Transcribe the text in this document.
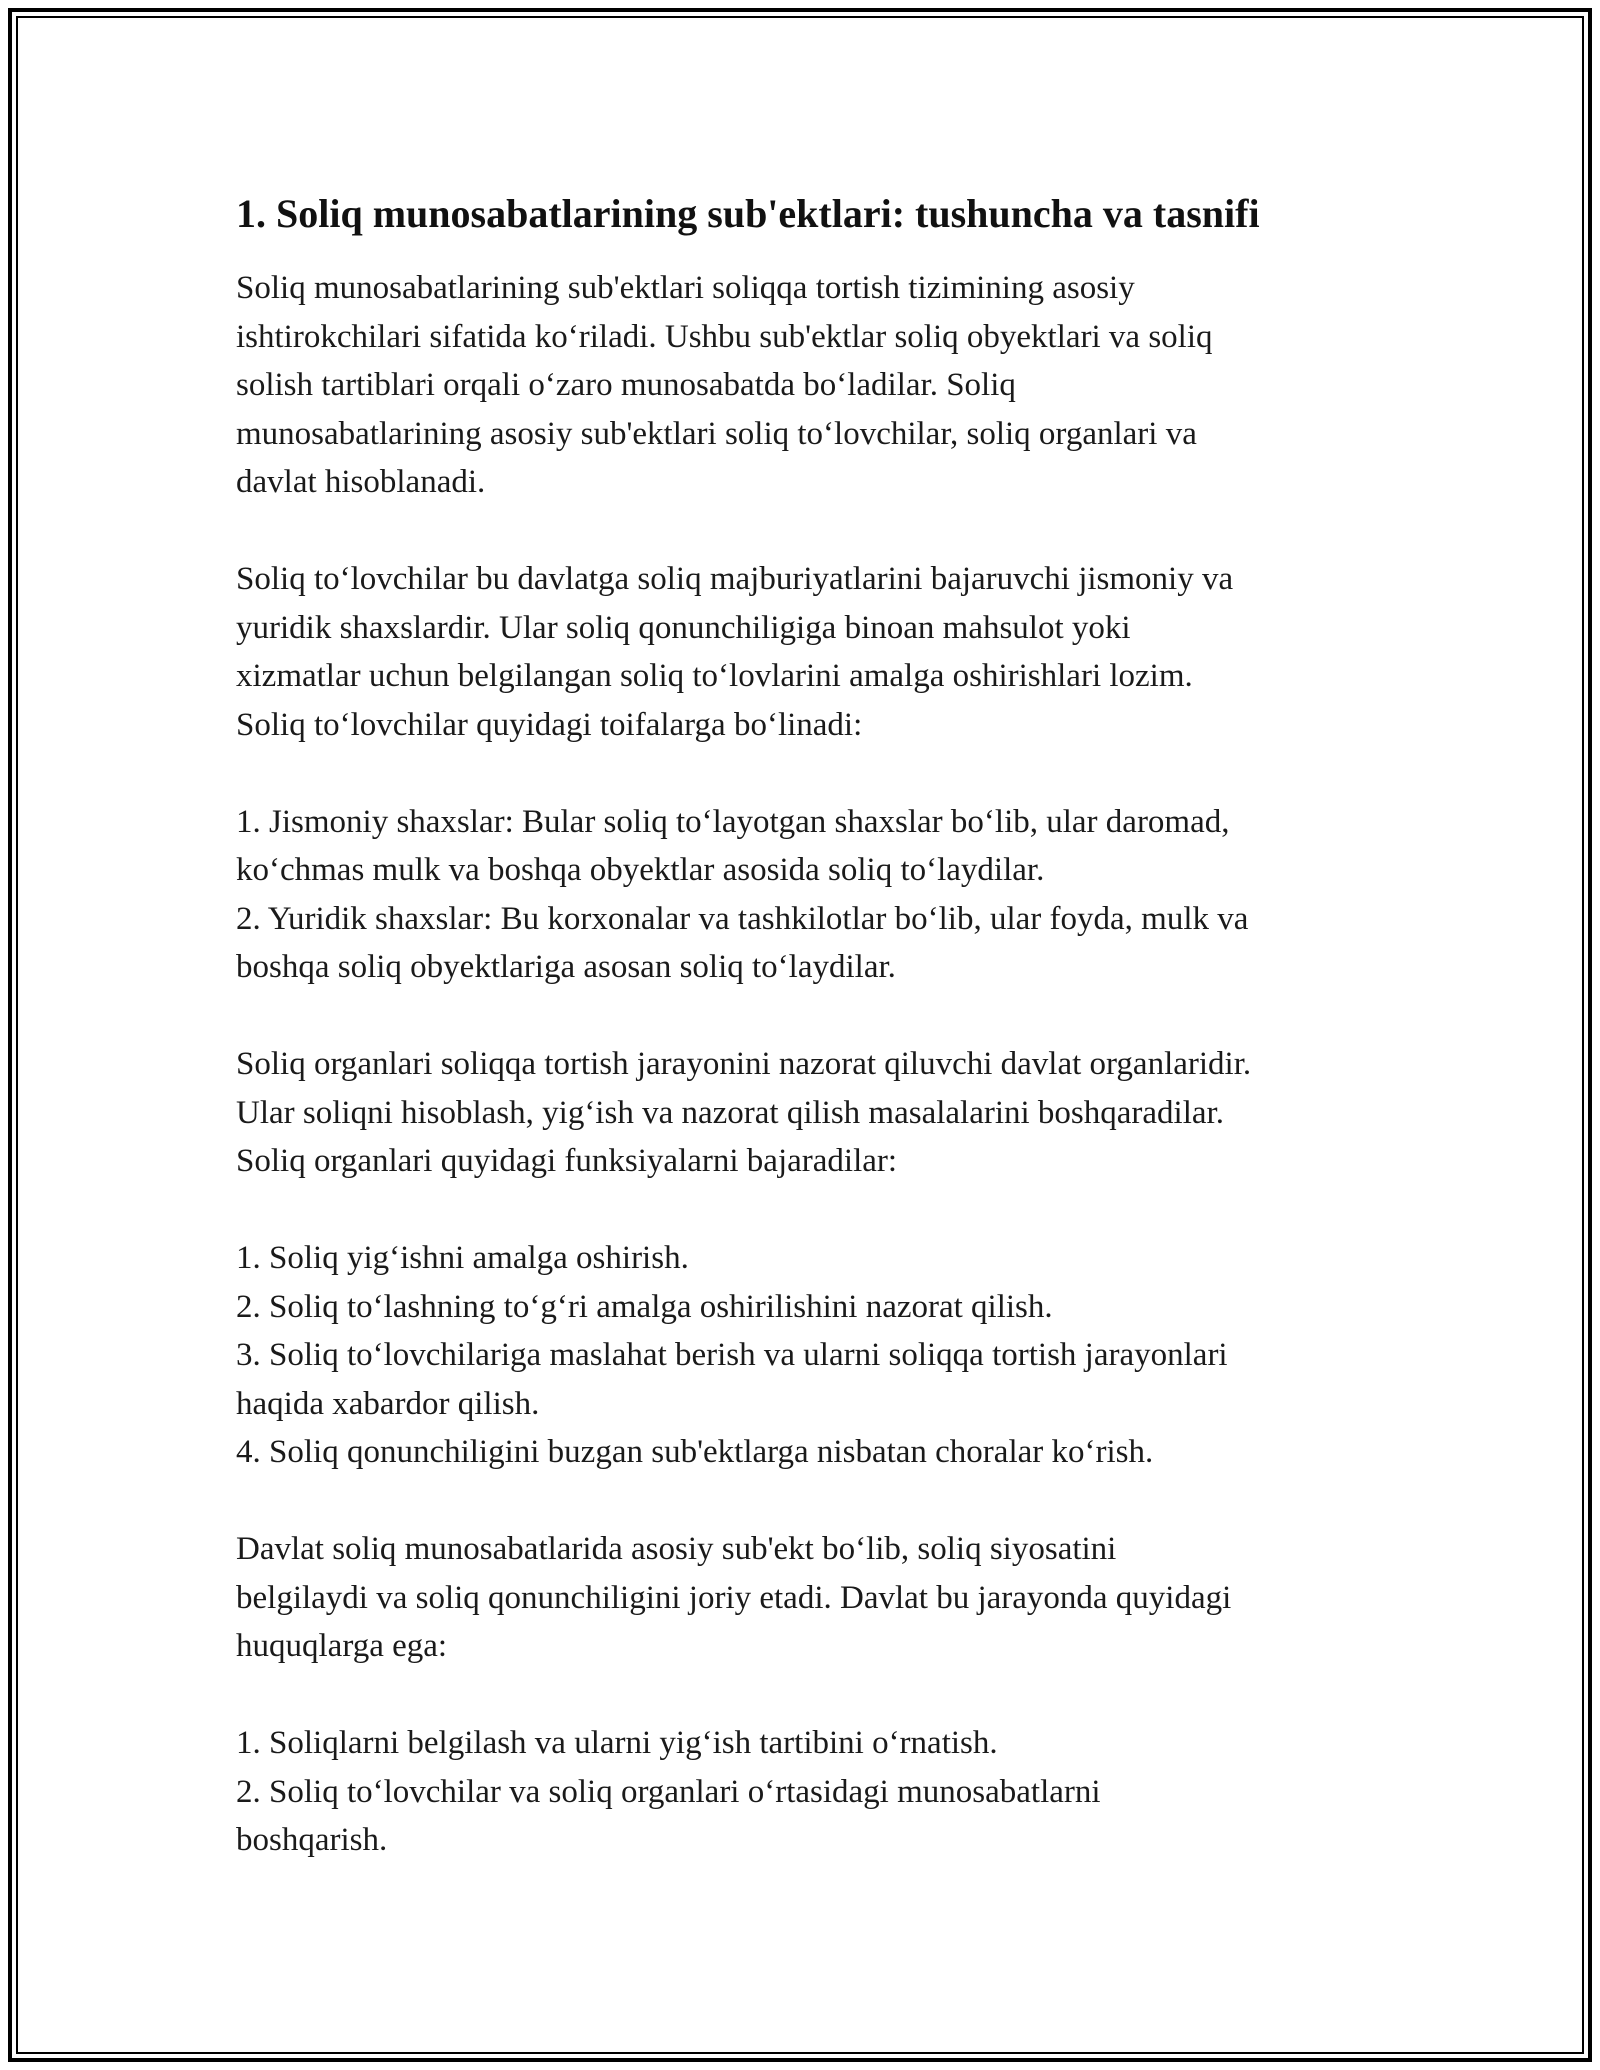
1. Soliq munosabatlarining sub'ektlari: tushuncha va tasnifi

Soliq munosabatlarining sub'ektlari soliqqa tortish tizimining asosiy

ishtirokchilari sifatida ko‘riladi. Ushbu sub'ektlar soliq obyektlari va soliq

solish tartiblari orqali o‘zaro munosabatda bo‘ladilar. Soliq

munosabatlarining asosiy sub'ektlari soliq to‘lovchilar, soliq organlari va

davlat hisoblanadi.

Soliq to‘lovchilar bu davlatga soliq majburiyatlarini bajaruvchi jismoniy va

yuridik shaxslardir. Ular soliq qonunchiligiga binoan mahsulot yoki

xizmatlar uchun belgilangan soliq to‘lovlarini amalga oshirishlari lozim.

Soliq to‘lovchilar quyidagi toifalarga bo‘linadi:

1. Jismoniy shaxslar: Bular soliq to‘layotgan shaxslar bo‘lib, ular daromad,

ko‘chmas mulk va boshqa obyektlar asosida soliq to‘laydilar.

2. Yuridik shaxslar: Bu korxonalar va tashkilotlar bo‘lib, ular foyda, mulk va

boshqa soliq obyektlariga asosan soliq to‘laydilar.

Soliq organlari soliqqa tortish jarayonini nazorat qiluvchi davlat organlaridir.

Ular soliqni hisoblash, yig‘ish va nazorat qilish masalalarini boshqaradilar.

Soliq organlari quyidagi funksiyalarni bajaradilar:

1. Soliq yig‘ishni amalga oshirish.

2. Soliq to‘lashning to‘g‘ri amalga oshirilishini nazorat qilish.

3. Soliq to‘lovchilariga maslahat berish va ularni soliqqa tortish jarayonlari

haqida xabardor qilish.

4. Soliq qonunchiligini buzgan sub'ektlarga nisbatan choralar ko‘rish.

Davlat soliq munosabatlarida asosiy sub'ekt bo‘lib, soliq siyosatini

belgilaydi va soliq qonunchiligini joriy etadi. Davlat bu jarayonda quyidagi

huquqlarga ega:

1. Soliqlarni belgilash va ularni yig‘ish tartibini o‘rnatish.

2. Soliq to‘lovchilar va soliq organlari o‘rtasidagi munosabatlarni

boshqarish.
